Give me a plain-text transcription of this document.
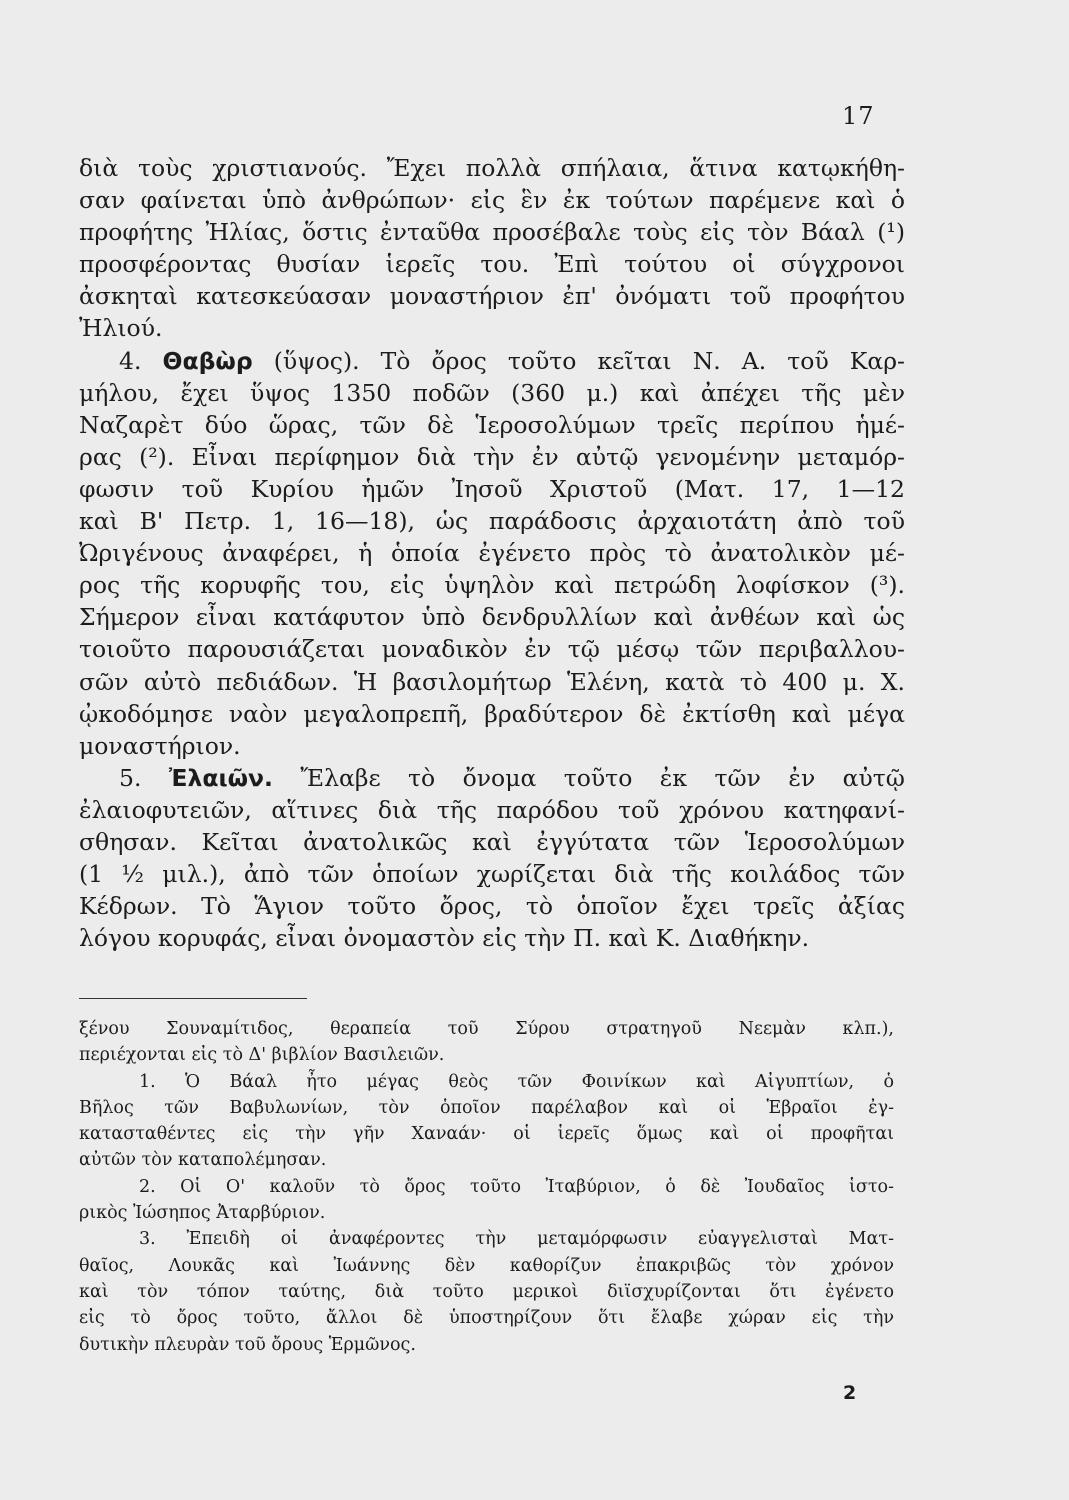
17
διὰ τοὺς χριστιανούς. Ἔχει πολλὰ σπήλαια, ἅτινα κατῳκήθη-
σαν φαίνεται ὑπὸ ἀνθρώπων· εἰς ἓν ἐκ τούτων παρέμενε καὶ ὁ
προφήτης Ἠλίας, ὅστις ἐνταῦθα προσέβαλε τοὺς εἰς τὸν Βάαλ (¹)
προσφέροντας θυσίαν ἱερεῖς του. Ἐπὶ τούτου οἱ σύγχρονοι
ἀσκηταὶ κατεσκεύασαν μοναστήριον ἐπ' ὀνόματι τοῦ προφήτου
Ἠλιού.
4. Θαβὼρ (ὕψος). Τὸ ὄρος τοῦτο κεῖται Ν. Α. τοῦ Καρ-
μήλου, ἔχει ὕψος 1350 ποδῶν (360 μ.) καὶ ἀπέχει τῆς μὲν
Ναζαρὲτ δύο ὥρας, τῶν δὲ Ἱεροσολύμων τρεῖς περίπου ἡμέ-
ρας (²). Εἶναι περίφημον διὰ τὴν ἐν αὐτῷ γενομένην μεταμόρ-
φωσιν τοῦ Κυρίου ἡμῶν Ἰησοῦ Χριστοῦ (Ματ. 17, 1—12
καὶ Β' Πετρ. 1, 16—18), ὡς παράδοσις ἀρχαιοτάτη ἀπὸ τοῦ
Ὠριγένους ἀναφέρει, ἡ ὁποία ἐγένετο πρὸς τὸ ἀνατολικὸν μέ-
ρος τῆς κορυφῆς του, εἰς ὑψηλὸν καὶ πετρώδη λοφίσκον (³).
Σήμερον εἶναι κατάφυτον ὑπὸ δενδρυλλίων καὶ ἀνθέων καὶ ὡς
τοιοῦτο παρουσιάζεται μοναδικὸν ἐν τῷ μέσῳ τῶν περιβαλλου-
σῶν αὐτὸ πεδιάδων. Ἡ βασιλομήτωρ Ἑλένη, κατὰ τὸ 400 μ. Χ.
ᾠκοδόμησε ναὸν μεγαλοπρεπῆ, βραδύτερον δὲ ἐκτίσθη καὶ μέγα
μοναστήριον.
5. Ἐλαιῶν. Ἔλαβε τὸ ὄνομα τοῦτο ἐκ τῶν ἐν αὐτῷ
ἐλαιοφυτειῶν, αἵτινες διὰ τῆς παρόδου τοῦ χρόνου κατηφανί-
σθησαν. Κεῖται ἀνατολικῶς καὶ ἐγγύτατα τῶν Ἱεροσολύμων
(1 ½ μιλ.), ἀπὸ τῶν ὁποίων χωρίζεται διὰ τῆς κοιλάδος τῶν
Κέδρων. Τὸ Ἅγιον τοῦτο ὄρος, τὸ ὁποῖον ἔχει τρεῖς ἀξίας
λόγου κορυφάς, εἶναι ὀνομαστὸν εἰς τὴν Π. καὶ Κ. Διαθήκην.
ξένου Σουναμίτιδος, θεραπεία τοῦ Σύρου στρατηγοῦ Νεεμὰν κλπ.),
περιέχονται εἰς τὸ Δ' βιβλίον Βασιλειῶν.
1. Ὁ Βάαλ ἦτο μέγας θεὸς τῶν Φοινίκων καὶ Αἰγυπτίων, ὁ
Βῆλος τῶν Βαβυλωνίων, τὸν ὁποῖον παρέλαβον καὶ οἱ Ἑβραῖοι ἐγ-
κατασταθέντες εἰς τὴν γῆν Χαναάν· οἱ ἱερεῖς ὅμως καὶ οἱ προφῆται
αὐτῶν τὸν καταπολέμησαν.
2. Οἱ Ο' καλοῦν τὸ ὄρος τοῦτο Ἰταβύριον, ὁ δὲ Ἰουδαῖος ἱστο-
ρικὸς Ἰώσηπος Ἀταρβύριον.
3. Ἐπειδὴ οἱ ἀναφέροντες τὴν μεταμόρφωσιν εὐαγγελισταὶ Ματ-
θαῖος, Λουκᾶς καὶ Ἰωάννης δὲν καθορίζυν ἐπακριβῶς τὸν χρόνον
καὶ τὸν τόπον ταύτης, διὰ τοῦτο μερικοὶ διϊσχυρίζονται ὅτι ἐγένετο
εἰς τὸ ὄρος τοῦτο, ἄλλοι δὲ ὑποστηρίζουν ὅτι ἔλαβε χώραν εἰς τὴν
δυτικὴν πλευρὰν τοῦ ὄρους Ἑρμῶνος.
2
